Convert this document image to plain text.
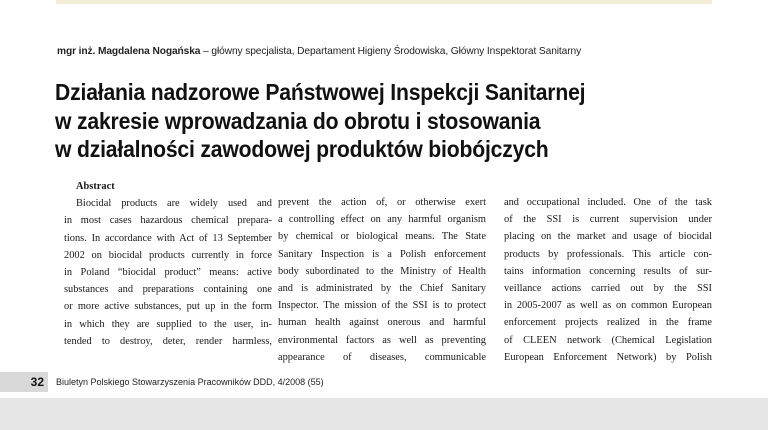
mgr inż. Magdalena Nogańska – główny specjalista, Departament Higieny Środowiska, Główny Inspektorat Sanitarny
Działania nadzorowe Państwowej Inspekcji Sanitarnej
w zakresie wprowadzania do obrotu i stosowania
w działalności zawodowej produktów biobójczych
Abstract
Biocidal products are widely used and
in most cases hazardous chemical prepara-
tions. In accordance with Act of 13 September
2002 on biocidal products currently in force
in Poland “biocidal product” means: active
substances and preparations containing one
or more active substances, put up in the form
in which they are supplied to the user, in-
tended to destroy, deter, render harmless,
prevent the action of, or otherwise exert
a controlling effect on any harmful organism
by chemical or biological means. The State
Sanitary Inspection is a Polish enforcement
body subordinated to the Ministry of Health
and is administrated by the Chief Sanitary
Inspector. The mission of the SSI is to protect
human health against onerous and harmful
environmental factors as well as preventing
appearance of diseases, communicable
and occupational included. One of the task
of the SSI is current supervision under
placing on the market and usage of biocidal
products by professionals. This article con-
tains information concerning results of sur-
veillance actions carried out by the SSI
in 2005-2007 as well as on common European
enforcement projects realized in the frame
of CLEEN network (Chemical Legislation
European Enforcement Network) by Polish
32	Biuletyn Polskiego Stowarzyszenia Pracowników DDD, 4/2008 (55)
